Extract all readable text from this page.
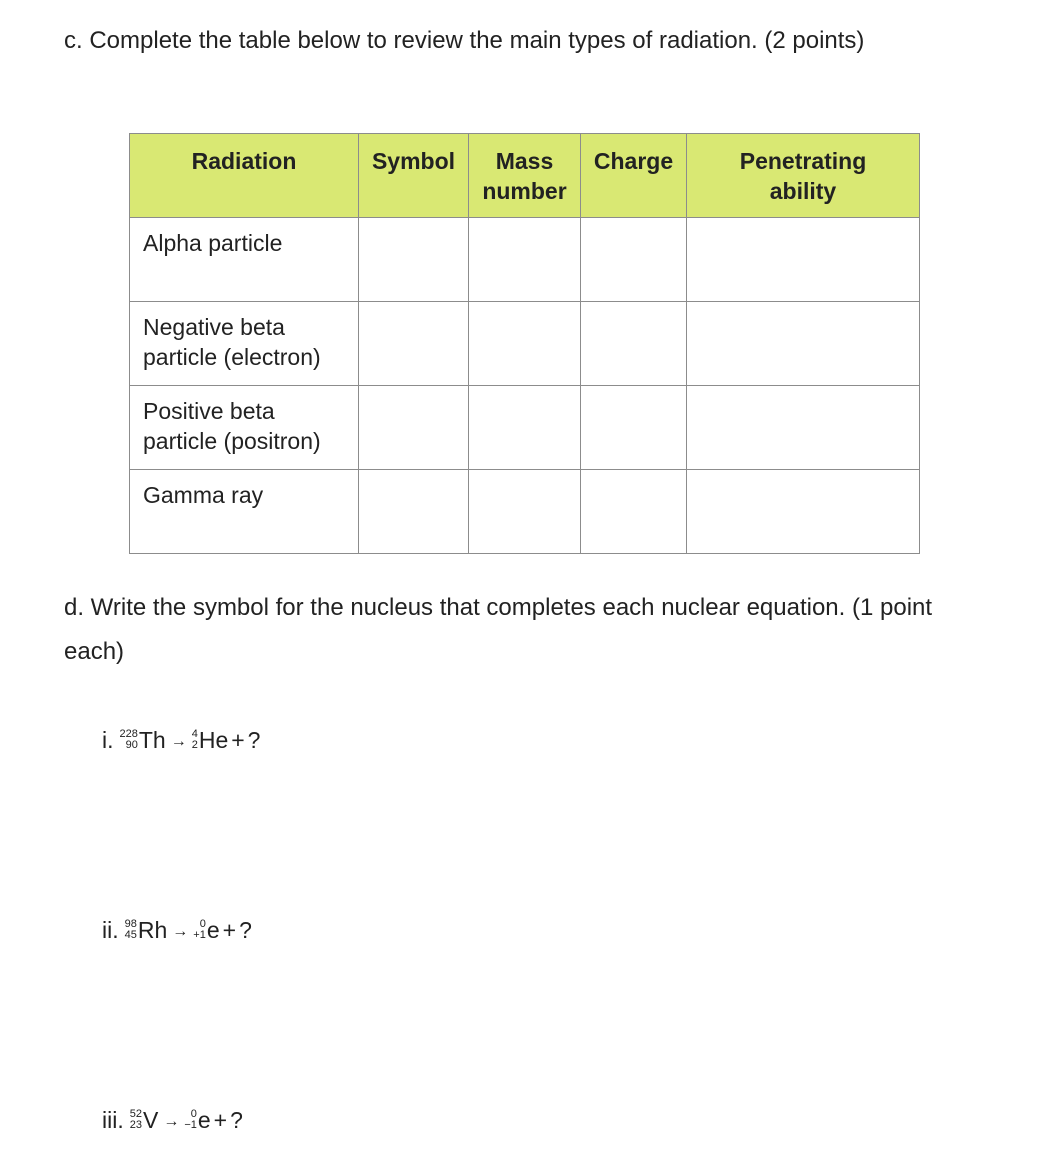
c. Complete the table below to review the main types of radiation. (2 points)

Radiation	Symbol	Mass number	Charge	Penetrating ability
Alpha particle				
Negative beta particle (electron)				
Positive beta particle (positron)				
Gamma ray				

d. Write the symbol for the nucleus that completes each nuclear equation. (1 point each)

i. 228
90 Th → 4
2 He + ?
ii. 98
45 Rh →	0
+1 e + ?
iii. 52
23 V →	0
−1 e + ?
